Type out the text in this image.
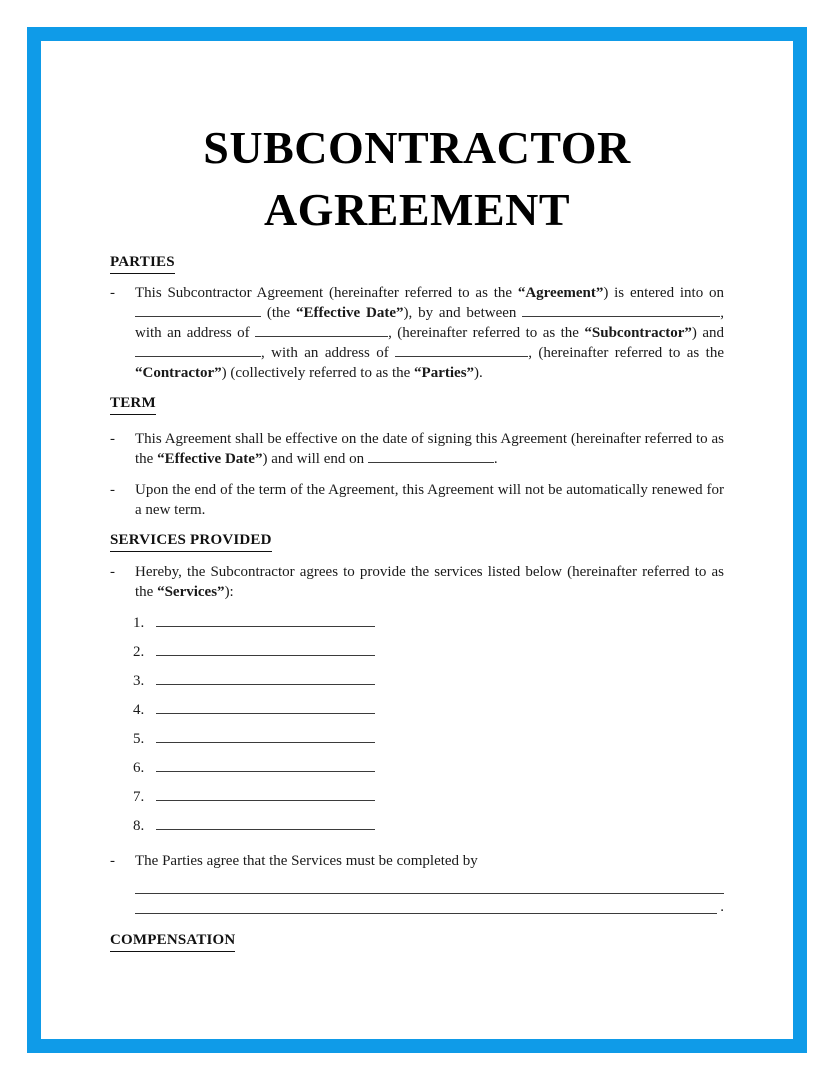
SUBCONTRACTOR
AGREEMENT
PARTIES
- This Subcontractor Agreement (hereinafter referred to as the “Agreement”) is entered into on  (the “Effective Date”), by and between	, with an address of	, (hereinafter referred to as the “Subcontractor”) and , with an address of	, (hereinafter referred to as the “Contractor”) (collectively referred to as the “Parties”).

TERM
- This Agreement shall be effective on the date of signing this Agreement (hereinafter referred to as the “Effective Date”) and will end on	.

- Upon the end of the term of the Agreement, this Agreement will not be automatically renewed for a new term.

SERVICES PROVIDED
- Hereby, the Subcontractor agrees to provide the services listed below (hereinafter referred to as the “Services”):

1.
2.
3.
4.
5.
6.
7.
8.
- The Parties agree that the Services must be completed by

.
COMPENSATION
